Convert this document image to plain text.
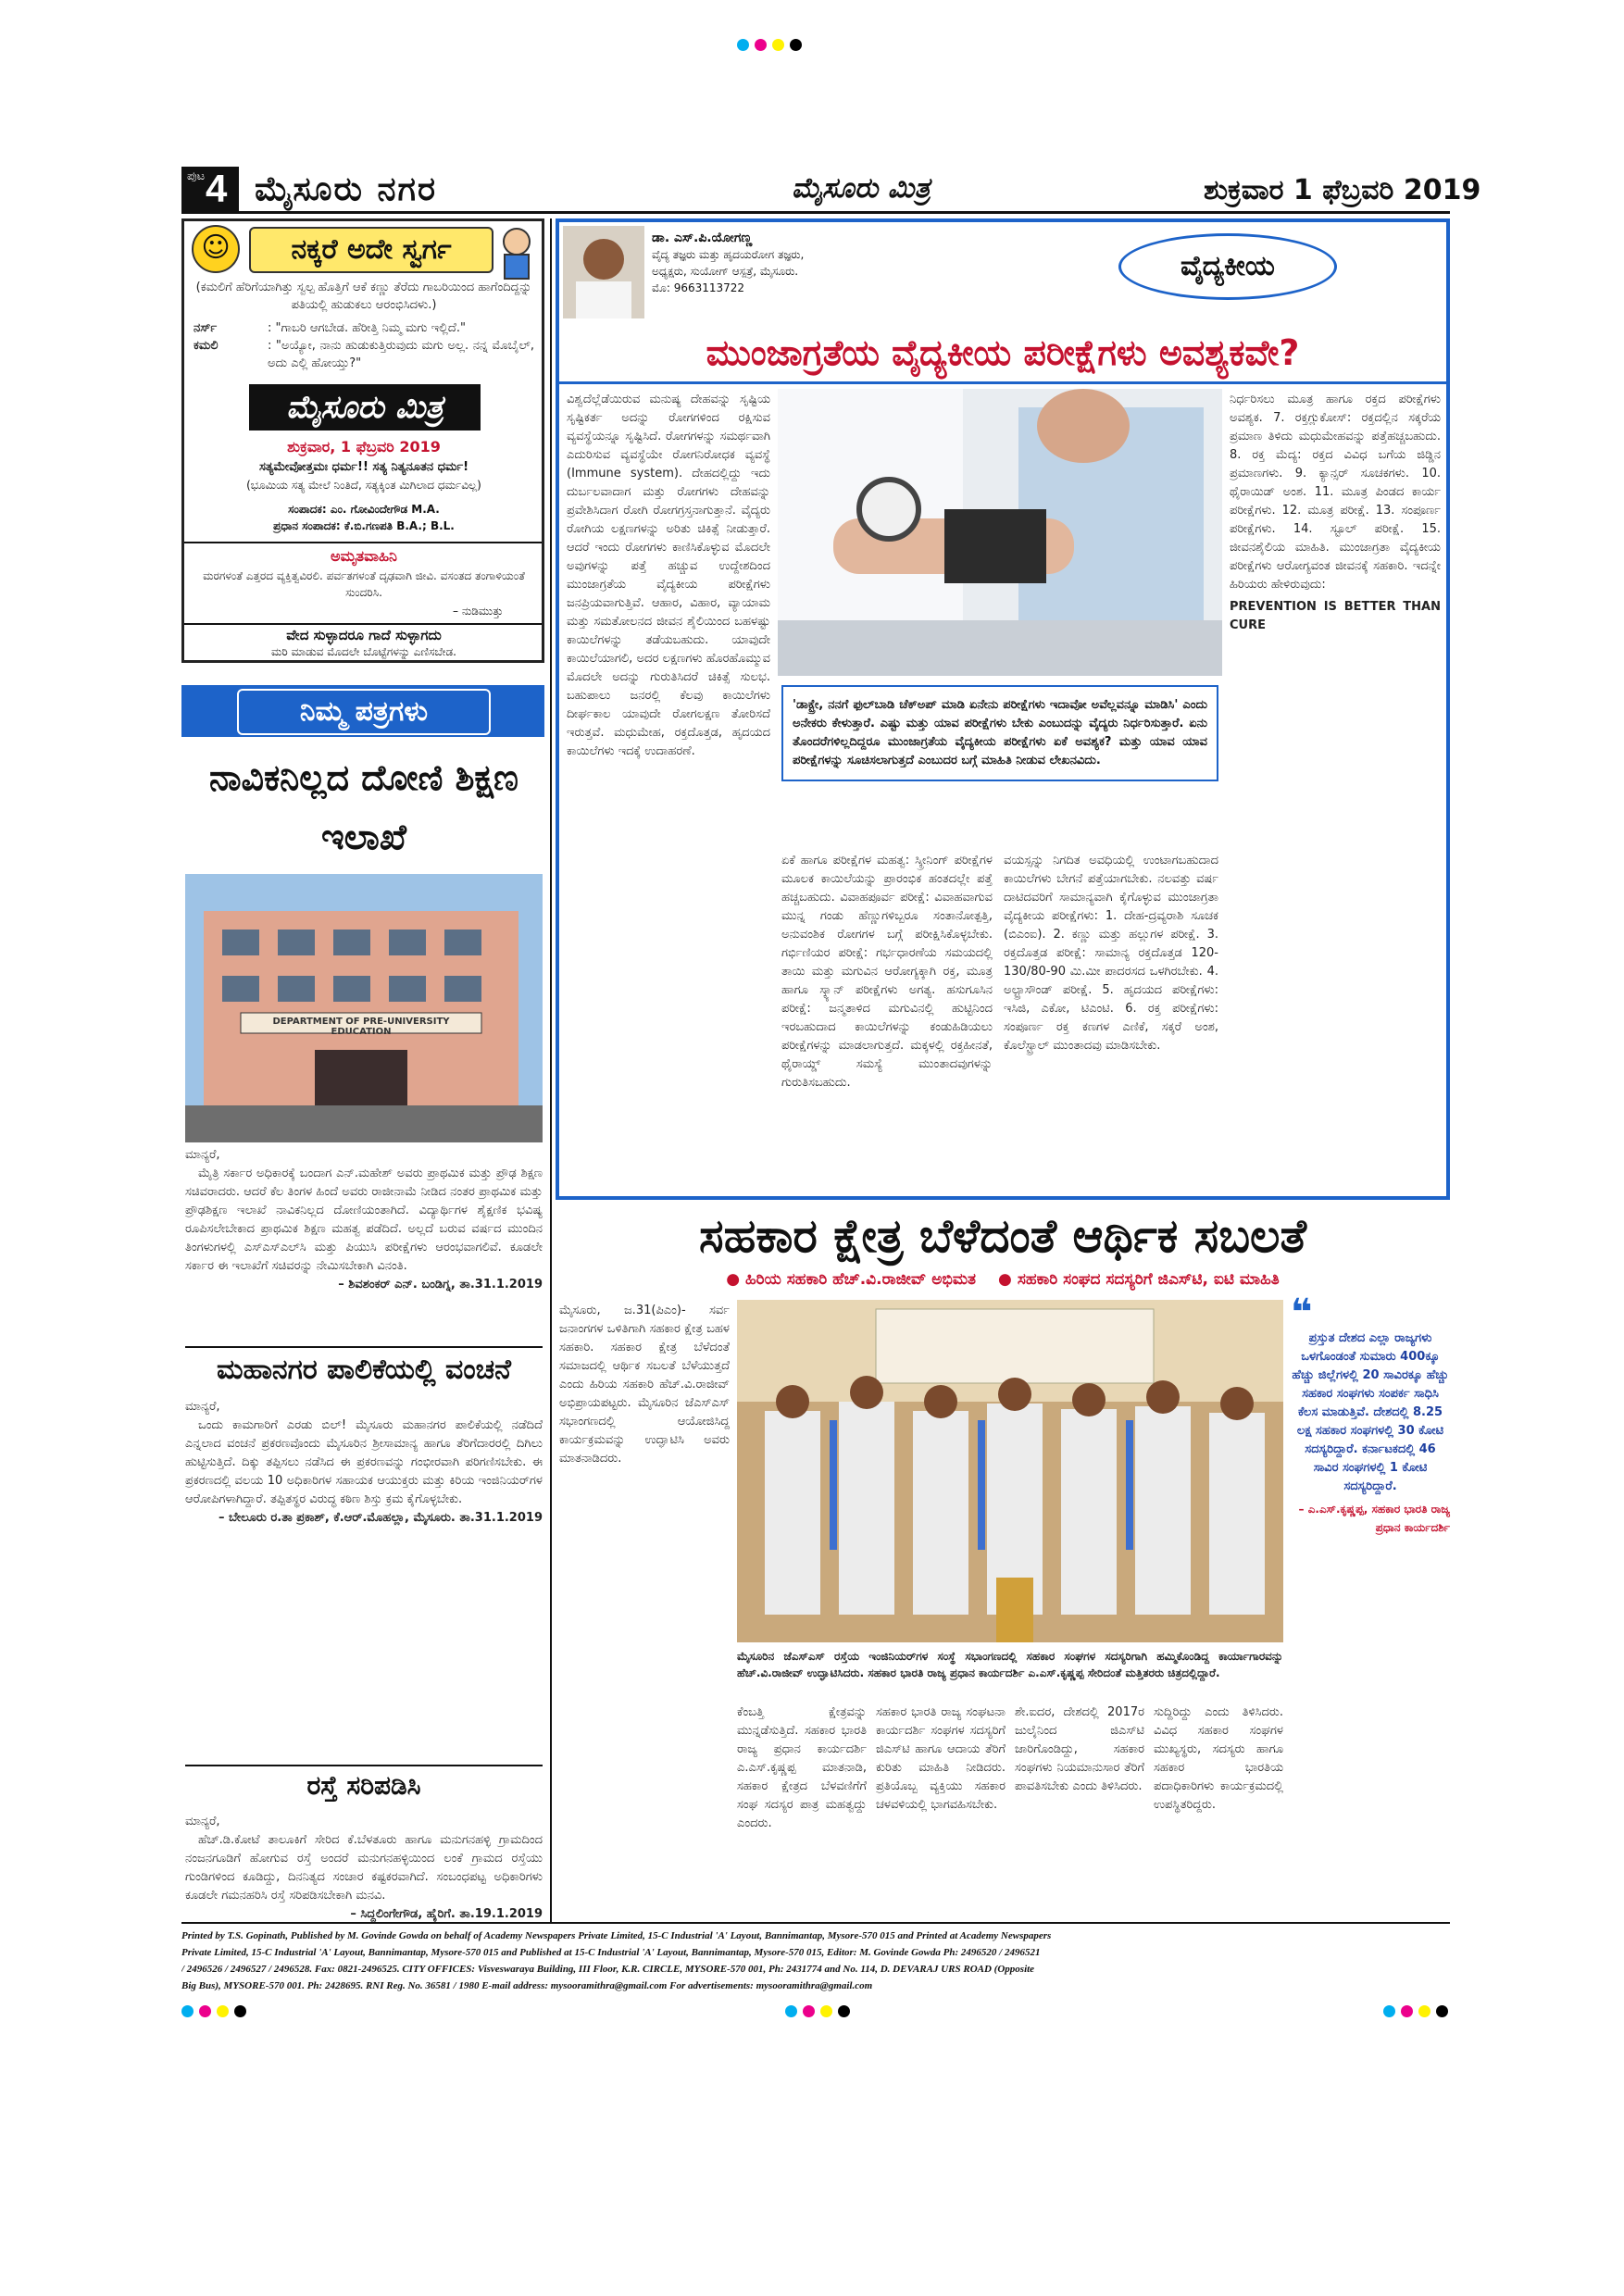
ಪುಟ 4 ಮೈಸೂರು ನಗರ	ಮೈಸೂರು ಮಿತ್ರ	ಶುಕ್ರವಾರ 1 ಫೆಬ್ರವರಿ 2019
☺	ನಕ್ಕರೆ ಅದೇ ಸ್ವರ್ಗ
(ಕಮಲಿಗೆ ಹೆರಿಗೆಯಾಗಿತ್ತು ಸ್ವಲ್ಪ ಹೊತ್ತಿಗೆ ಆಕೆ ಕಣ್ಣು ತೆರೆದು ಗಾಬರಿಯಿಂದ ಹಾಗೆಂದಿದ್ದನ್ನು ಪತಿಯಲ್ಲಿ ಹುಡುಕಲು ಆರಂಭಿಸಿದಳು.)
ನರ್ಸ್	: "ಗಾಬರಿ ಆಗಬೇಡ. ಹೆರೀತ್ತಿ ನಿಮ್ಮ ಮಗು ಇಲ್ಲಿದೆ."
ಕಮಲಿ	: "ಅಯ್ಯೋ, ನಾನು ಹುಡುಕುತ್ತಿರುವುದು ಮಗು ಅಲ್ಲ. ನನ್ನ ಮೊಬೈಲ್, ಅದು ಎಲ್ಲಿ ಹೋಯ್ತು?"
ಮೈಸೂರು ಮಿತ್ರ
ಶುಕ್ರವಾರ, 1 ಫೆಬ್ರವರಿ 2019
ಸತ್ಯಮೇವೋತ್ತಮಃ ಧರ್ಮ!! ಸತ್ಯ ನಿತ್ಯನೂತನ ಧರ್ಮ!
(ಭೂಮಿಯ ಸತ್ಯ ಮೇಲೆ ನಿಂತಿದೆ, ಸತ್ಯಕ್ಕಿಂತ ಮಿಗಿಲಾದ ಧರ್ಮವಿಲ್ಲ)
ಸಂಪಾದಕ: ಎಂ. ಗೋವಿಂದೇಗೌಡ M.A.
ಪ್ರಧಾನ ಸಂಪಾದಕ: ಕೆ.ಬಿ.ಗಣಪತಿ B.A.; B.L.
ಅಮೃತವಾಹಿನಿ
ಮರಗಳಂತೆ ಎತ್ತರದ ವ್ಯಕ್ತಿತ್ವವಿರಲಿ. ಪರ್ವತಗಳಂತೆ ದೃಢವಾಗಿ ಜೀವಿ. ವಸಂತದ ತಂಗಾಳಿಯಂತೆ ಸುಂದರಿಸಿ.
– ನುಡಿಮುತ್ತು
ವೇದ ಸುಳ್ಳಾದರೂ ಗಾದೆ ಸುಳ್ಳಾಗದು
ಮರಿ ಮಾಡುವ ಮೊದಲೇ ಬೊಟ್ಟೆಗಳನ್ನು ಎಣಿಸಬೇಡ.
ನಿಮ್ಮ ಪತ್ರಗಳು
ನಾವಿಕನಿಲ್ಲದ ದೋಣಿ ಶಿಕ್ಷಣ ಇಲಾಖೆ
DEPARTMENT OF PRE-UNIVERSITY EDUCATION
ಮಾನ್ಯರೆ,
ಮೈತ್ರಿ ಸರ್ಕಾರ ಅಧಿಕಾರಕ್ಕೆ ಬಂದಾಗ ಎನ್.ಮಹೇಶ್ ಅವರು ಪ್ರಾಥಮಿಕ ಮತ್ತು ಪ್ರೌಢ ಶಿಕ್ಷಣ ಸಚಿವರಾದರು. ಆದರೆ ಕೆಲ ತಿಂಗಳ ಹಿಂದೆ ಅವರು ರಾಜೀನಾಮೆ ನೀಡಿದ ನಂತರ ಪ್ರಾಥಮಿಕ ಮತ್ತು ಪ್ರೌಢಶಿಕ್ಷಣ ಇಲಾಖೆ ನಾವಿಕನಿಲ್ಲದ ದೋಣಿಯಂತಾಗಿದೆ. ವಿದ್ಯಾರ್ಥಿಗಳ ಶೈಕ್ಷಣಿಕ ಭವಿಷ್ಯ ರೂಪಿಸಲೇಬೇಕಾದ ಪ್ರಾಥಮಿಕ ಶಿಕ್ಷಣ ಮಹತ್ವ ಪಡೆದಿದೆ. ಅಲ್ಲದೆ ಬರುವ ವರ್ಷದ ಮುಂದಿನ ತಿಂಗಳುಗಳಲ್ಲಿ ಎಸ್ಎಸ್ಎಲ್‌ಸಿ ಮತ್ತು ಪಿಯುಸಿ ಪರೀಕ್ಷೆಗಳು ಆರಂಭವಾಗಲಿವೆ. ಕೂಡಲೇ ಸರ್ಕಾರ ಈ ಇಲಾಖೆಗೆ ಸಚಿವರನ್ನು ನೇಮಿಸಬೇಕಾಗಿ ವಿನಂತಿ.
– ಶಿವಶಂಕರ್ ಎನ್. ಬಂಡಿಗ್ನ, ತಾ.31.1.2019
ಮಹಾನಗರ ಪಾಲಿಕೆಯಲ್ಲಿ ವಂಚನೆ
ಮಾನ್ಯರೆ,
ಒಂದು ಕಾಮಗಾರಿಗೆ ಎರಡು ಬಿಲ್! ಮೈಸೂರು ಮಹಾನಗರ ಪಾಲಿಕೆಯಲ್ಲಿ ನಡೆದಿದೆ ಎನ್ನಲಾದ ವಂಚನೆ ಪ್ರಕರಣವೊಂದು ಮೈಸೂರಿನ ಶ್ರೀಸಾಮಾನ್ಯ ಹಾಗೂ ತೆರಿಗೆದಾರರಲ್ಲಿ ದಿಗಿಲು ಹುಟ್ಟಿಸುತ್ತಿದೆ. ದಿಕ್ಕು ತಪ್ಪಿಸಲು ನಡೆಸಿದ ಈ ಪ್ರಕರಣವನ್ನು ಗಂಭೀರವಾಗಿ ಪರಿಗಣಿಸಬೇಕು. ಈ ಪ್ರಕರಣದಲ್ಲಿ ವಲಯ 10 ಅಧಿಕಾರಿಗಳ ಸಹಾಯಕ ಆಯುಕ್ತರು ಮತ್ತು ಕಿರಿಯ ಇಂಜಿನಿಯರ್‌ಗಳ ಆರೋಪಿಗಳಾಗಿದ್ದಾರೆ. ತಪ್ಪಿತಸ್ಥರ ವಿರುದ್ಧ ಕಠಿಣ ಶಿಸ್ತು ಕ್ರಮ ಕೈಗೊಳ್ಳಬೇಕು.
– ಬೇಲೂರು ರ.ತಾ ಪ್ರಕಾಶ್, ಕೆ.ಆರ್.ಮೊಹಲ್ಲಾ, ಮೈಸೂರು. ತಾ.31.1.2019
ರಸ್ತೆ ಸರಿಪಡಿಸಿ
ಮಾನ್ಯರೆ,
ಹೆಚ್.ಡಿ.ಕೋಟೆ ತಾಲೂಕಿಗೆ ಸೇರಿದ ಕೆ.ಬೆಳತೂರು ಹಾಗೂ ಮನುಗನಹಳ್ಳಿ ಗ್ರಾಮದಿಂದ ನಂಜನಗೂಡಿಗೆ ಹೋಗುವ ರಸ್ತೆ ಅಂದರೆ ಮನುಗನಹಳ್ಳಿಯಿಂದ ಲಂಕೆ ಗ್ರಾಮದ ರಸ್ತೆಯು ಗುಂಡಿಗಳಿಂದ ಕೂಡಿದ್ದು, ದಿನನಿತ್ಯದ ಸಂಚಾರ ಕಷ್ಟಕರವಾಗಿದೆ. ಸಂಬಂಧಪಟ್ಟ ಅಧಿಕಾರಿಗಳು ಕೂಡಲೇ ಗಮನಹರಿಸಿ ರಸ್ತೆ ಸರಿಪಡಿಸಬೇಕಾಗಿ ಮನವಿ.
– ಸಿದ್ದಲಿಂಗೇಗೌಡ, ಹೈರಿಗೆ. ತಾ.19.1.2019
ಡಾ. ಎಸ್.ಪಿ.ಯೋಗಣ್ಣ
ವೈದ್ಯ ತಜ್ಞರು ಮತ್ತು ಹೃದಯರೋಗ ತಜ್ಞರು,
ಅಧ್ಯಕ್ಷರು, ಸುಯೋಗ್ ಆಸ್ಪತ್ರೆ, ಮೈಸೂರು.
ಮೊ: 9663113722
ವೈದ್ಯಕೀಯ
ಮುಂಜಾಗ್ರತೆಯ ವೈದ್ಯಕೀಯ ಪರೀಕ್ಷೆಗಳು ಅವಶ್ಯಕವೇ?
ವಿಶ್ವದೆಲ್ಲೆಡೆಯಿರುವ ಮನುಷ್ಯ ದೇಹವನ್ನು ಸೃಷ್ಟಿಯ ಸೃಷ್ಟಿಕರ್ತ ಅದನ್ನು ರೋಗಗಳಿಂದ ರಕ್ಷಿಸುವ ವ್ಯವಸ್ಥೆಯನ್ನೂ ಸೃಷ್ಟಿಸಿದೆ. ರೋಗಗಳನ್ನು ಸಮರ್ಥವಾಗಿ ಎದುರಿಸುವ ವ್ಯವಸ್ಥೆಯೇ ರೋಗನಿರೋಧಕ ವ್ಯವಸ್ಥೆ (Immune system). ದೇಹದಲ್ಲಿದ್ದು ಇದು ದುರ್ಬಲವಾದಾಗ ಮತ್ತು ರೋಗಗಳು ದೇಹವನ್ನು ಪ್ರವೇಶಿಸಿದಾಗ ರೋಗಿ ರೋಗಗ್ರಸ್ತನಾಗುತ್ತಾನೆ. ವೈದ್ಯರು ರೋಗಿಯ ಲಕ್ಷಣಗಳನ್ನು ಅರಿತು ಚಿಕಿತ್ಸೆ ನೀಡುತ್ತಾರೆ. ಆದರೆ ಇಂದು ರೋಗಗಳು ಕಾಣಿಸಿಕೊಳ್ಳುವ ಮೊದಲೇ ಅವುಗಳನ್ನು ಪತ್ತೆ ಹಚ್ಚುವ ಉದ್ದೇಶದಿಂದ ಮುಂಜಾಗ್ರತೆಯ ವೈದ್ಯಕೀಯ ಪರೀಕ್ಷೆಗಳು ಜನಪ್ರಿಯವಾಗುತ್ತಿವೆ. ಆಹಾರ, ವಿಹಾರ, ವ್ಯಾಯಾಮ ಮತ್ತು ಸಮತೋಲನದ ಜೀವನ ಶೈಲಿಯಿಂದ ಬಹಳಷ್ಟು ಕಾಯಿಲೆಗಳನ್ನು ತಡೆಯಬಹುದು. ಯಾವುದೇ ಕಾಯಿಲೆಯಾಗಲಿ, ಅದರ ಲಕ್ಷಣಗಳು ಹೊರಹೊಮ್ಮುವ ಮೊದಲೇ ಅದನ್ನು ಗುರುತಿಸಿದರೆ ಚಿಕಿತ್ಸೆ ಸುಲಭ. ಬಹುಪಾಲು ಜನರಲ್ಲಿ ಕೆಲವು ಕಾಯಿಲೆಗಳು ದೀರ್ಘಕಾಲ ಯಾವುದೇ ರೋಗಲಕ್ಷಣ ತೋರಿಸದೆ ಇರುತ್ತವೆ. ಮಧುಮೇಹ, ರಕ್ತದೊತ್ತಡ, ಹೃದಯದ ಕಾಯಿಲೆಗಳು ಇದಕ್ಕೆ ಉದಾಹರಣೆ.
'ಡಾಕ್ಟ್ರೇ, ನನಗೆ ಫುಲ್‌ಬಾಡಿ ಚೆಕ್‌ಅಪ್ ಮಾಡಿ ಏನೇನು ಪರೀಕ್ಷೆಗಳು ಇದಾವೋ ಅವೆಲ್ಲವನ್ನೂ ಮಾಡಿಸಿ' ಎಂದು ಅನೇಕರು ಕೇಳುತ್ತಾರೆ. ಎಷ್ಟು ಮತ್ತು ಯಾವ ಪರೀಕ್ಷೆಗಳು ಬೇಕು ಎಂಬುದನ್ನು ವೈದ್ಯರು ನಿರ್ಧರಿಸುತ್ತಾರೆ. ಏನು ತೊಂದರೆಗಳಿಲ್ಲದಿದ್ದರೂ ಮುಂಜಾಗ್ರತೆಯ ವೈದ್ಯಕೀಯ ಪರೀಕ್ಷೆಗಳು ಏಕೆ ಅವಶ್ಯಕ? ಮತ್ತು ಯಾವ ಯಾವ ಪರೀಕ್ಷೆಗಳನ್ನು ಸೂಚಿಸಲಾಗುತ್ತದೆ ಎಂಬುದರ ಬಗ್ಗೆ ಮಾಹಿತಿ ನೀಡುವ ಲೇಖನವಿದು.
ಏಕೆ ಹಾಗೂ ಪರೀಕ್ಷೆಗಳ ಮಹತ್ವ: ಸ್ಕ್ರೀನಿಂಗ್ ಪರೀಕ್ಷೆಗಳ ಮೂಲಕ ಕಾಯಿಲೆಯನ್ನು ಪ್ರಾರಂಭಿಕ ಹಂತದಲ್ಲೇ ಪತ್ತೆ ಹಚ್ಚಬಹುದು. ವಿವಾಹಪೂರ್ವ ಪರೀಕ್ಷೆ: ವಿವಾಹವಾಗುವ ಮುನ್ನ ಗಂಡು ಹೆಣ್ಣುಗಳಿಬ್ಬರೂ ಸಂತಾನೋತ್ಪತ್ತಿ, ಅನುವಂಶಿಕ ರೋಗಗಳ ಬಗ್ಗೆ ಪರೀಕ್ಷಿಸಿಕೊಳ್ಳಬೇಕು. ಗರ್ಭಿಣಿಯರ ಪರೀಕ್ಷೆ: ಗರ್ಭಧಾರಣೆಯ ಸಮಯದಲ್ಲಿ ತಾಯಿ ಮತ್ತು ಮಗುವಿನ ಆರೋಗ್ಯಕ್ಕಾಗಿ ರಕ್ತ, ಮೂತ್ರ ಹಾಗೂ ಸ್ಕ್ಯಾನ್ ಪರೀಕ್ಷೆಗಳು ಅಗತ್ಯ. ಹಸುಗೂಸಿನ ಪರೀಕ್ಷೆ: ಜನ್ಮತಾಳಿದ ಮಗುವಿನಲ್ಲಿ ಹುಟ್ಟಿನಿಂದ ಇರಬಹುದಾದ ಕಾಯಿಲೆಗಳನ್ನು ಕಂಡುಹಿಡಿಯಲು ಪರೀಕ್ಷೆಗಳನ್ನು ಮಾಡಲಾಗುತ್ತದೆ. ಮಕ್ಕಳಲ್ಲಿ ರಕ್ತಹೀನತೆ, ಥೈರಾಯ್ಡ್ ಸಮಸ್ಯೆ ಮುಂತಾದವುಗಳನ್ನು ಗುರುತಿಸಬಹುದು.
ವಯಸ್ಸನ್ನು ನಿಗದಿತ ಅವಧಿಯಲ್ಲಿ ಉಂಟಾಗಬಹುದಾದ ಕಾಯಿಲೆಗಳು ಬೇಗನೆ ಪತ್ತೆಯಾಗಬೇಕು. ನಲವತ್ತು ವರ್ಷ ದಾಟಿದವರಿಗೆ ಸಾಮಾನ್ಯವಾಗಿ ಕೈಗೊಳ್ಳುವ ಮುಂಜಾಗ್ರತಾ ವೈದ್ಯಕೀಯ ಪರೀಕ್ಷೆಗಳು: 1. ದೇಹ-ದ್ರವ್ಯರಾಶಿ ಸೂಚಕ (ಬಿಎಂಐ). 2. ಕಣ್ಣು ಮತ್ತು ಹಲ್ಲುಗಳ ಪರೀಕ್ಷೆ. 3. ರಕ್ತದೊತ್ತಡ ಪರೀಕ್ಷೆ: ಸಾಮಾನ್ಯ ರಕ್ತದೊತ್ತಡ 120-130/80-90 ಮಿ.ಮೀ ಪಾದರಸದ ಒಳಗಿರಬೇಕು. 4. ಅಲ್ಟ್ರಾಸೌಂಡ್ ಪರೀಕ್ಷೆ. 5. ಹೃದಯದ ಪರೀಕ್ಷೆಗಳು: ಇಸಿಜಿ, ಎಕೋ, ಟಿಎಂಟಿ. 6. ರಕ್ತ ಪರೀಕ್ಷೆಗಳು: ಸಂಪೂರ್ಣ ರಕ್ತ ಕಣಗಳ ಎಣಿಕೆ, ಸಕ್ಕರೆ ಅಂಶ, ಕೊಲೆಸ್ಟ್ರಾಲ್ ಮುಂತಾದವು ಮಾಡಿಸಬೇಕು.
ನಿರ್ಧರಿಸಲು ಮೂತ್ರ ಹಾಗೂ ರಕ್ತದ ಪರೀಕ್ಷೆಗಳು ಅವಶ್ಯಕ. 7. ರಕ್ತಗ್ಲುಕೋಸ್: ರಕ್ತದಲ್ಲಿನ ಸಕ್ಕರೆಯ ಪ್ರಮಾಣ ತಿಳಿದು ಮಧುಮೇಹವನ್ನು ಪತ್ತೆಹಚ್ಚಬಹುದು. 8. ರಕ್ತ ಮೆದ್ಯ: ರಕ್ತದ ವಿವಿಧ ಬಗೆಯ ಜಿಡ್ಡಿನ ಪ್ರಮಾಣಗಳು. 9. ಕ್ಯಾನ್ಸರ್ ಸೂಚಕಗಳು. 10. ಥೈರಾಯಿಡ್ ಅಂಶ. 11. ಮೂತ್ರ ಪಿಂಡದ ಕಾರ್ಯ ಪರೀಕ್ಷೆಗಳು. 12. ಮೂತ್ರ ಪರೀಕ್ಷೆ. 13. ಸಂಪೂರ್ಣ ಪರೀಕ್ಷೆಗಳು. 14. ಸ್ಟೂಲ್ ಪರೀಕ್ಷೆ. 15. ಜೀವನಶೈಲಿಯ ಮಾಹಿತಿ. ಮುಂಜಾಗ್ರತಾ ವೈದ್ಯಕೀಯ ಪರೀಕ್ಷೆಗಳು ಆರೋಗ್ಯವಂತ ಜೀವನಕ್ಕೆ ಸಹಕಾರಿ. ಇದನ್ನೇ ಹಿರಿಯರು ಹೇಳಿರುವುದು:
PREVENTION IS BETTER THAN CURE
ಸಹಕಾರ ಕ್ಷೇತ್ರ ಬೆಳೆದಂತೆ ಆರ್ಥಿಕ ಸಬಲತೆ
● ಹಿರಿಯ ಸಹಕಾರಿ ಹೆಚ್.ವಿ.ರಾಜೀವ್ ಅಭಿಮತ ● ಸಹಕಾರಿ ಸಂಘದ ಸದಸ್ಯರಿಗೆ ಜಿಎಸ್‌ಟಿ, ಐಟಿ ಮಾಹಿತಿ
ಮೈಸೂರು, ಜ.31(ಪಿಎಂ)- ಸರ್ವ ಜನಾಂಗಗಳ ಒಳಿತಿಗಾಗಿ ಸಹಕಾರ ಕ್ಷೇತ್ರ ಬಹಳ ಸಹಕಾರಿ. ಸಹಕಾರ ಕ್ಷೇತ್ರ ಬೆಳೆದಂತೆ ಸಮಾಜದಲ್ಲಿ ಆರ್ಥಿಕ ಸಬಲತೆ ಬೆಳೆಯುತ್ತದೆ ಎಂದು ಹಿರಿಯ ಸಹಕಾರಿ ಹೆಚ್.ವಿ.ರಾಜೀವ್ ಅಭಿಪ್ರಾಯಪಟ್ಟರು. ಮೈಸೂರಿನ ಜೆಎಸ್‌ಎಸ್ ಸಭಾಂಗಣದಲ್ಲಿ ಆಯೋಜಿಸಿದ್ದ ಕಾರ್ಯಕ್ರಮವನ್ನು ಉದ್ಘಾಟಿಸಿ ಅವರು ಮಾತನಾಡಿದರು.
❝
ಪ್ರಸ್ತುತ ದೇಶದ ಎಲ್ಲಾ ರಾಜ್ಯಗಳು ಒಳಗೊಂಡಂತೆ ಸುಮಾರು 400ಕ್ಕೂ ಹೆಚ್ಚು ಜಿಲ್ಲೆಗಳಲ್ಲಿ 20 ಸಾವಿರಕ್ಕೂ ಹೆಚ್ಚು ಸಹಕಾರ ಸಂಘಗಳು ಸಂಪರ್ಕ ಸಾಧಿಸಿ ಕೆಲಸ ಮಾಡುತ್ತಿವೆ. ದೇಶದಲ್ಲಿ 8.25 ಲಕ್ಷ ಸಹಕಾರ ಸಂಘಗಳಲ್ಲಿ 30 ಕೋಟಿ ಸದಸ್ಯರಿದ್ದಾರೆ. ಕರ್ನಾಟಕದಲ್ಲಿ 46 ಸಾವಿರ ಸಂಘಗಳಲ್ಲಿ 1 ಕೋಟಿ ಸದಸ್ಯರಿದ್ದಾರೆ.
– ಎ.ಎಸ್.ಕೃಷ್ಣಪ್ಪ, ಸಹಕಾರ ಭಾರತಿ ರಾಜ್ಯ ಪ್ರಧಾನ ಕಾರ್ಯದರ್ಶಿ
ಮೈಸೂರಿನ ಜೆಎಸ್ಎಸ್ ರಸ್ತೆಯ ಇಂಜಿನಿಯರ್‌ಗಳ ಸಂಸ್ಥೆ ಸಭಾಂಗಣದಲ್ಲಿ ಸಹಕಾರ ಸಂಘಗಳ ಸದಸ್ಯರಿಗಾಗಿ ಹಮ್ಮಿಕೊಂಡಿದ್ದ ಕಾರ್ಯಾಗಾರವನ್ನು ಹೆಚ್.ವಿ.ರಾಜೀವ್ ಉದ್ಘಾಟಿಸಿದರು. ಸಹಕಾರ ಭಾರತಿ ರಾಜ್ಯ ಪ್ರಧಾನ ಕಾರ್ಯದರ್ಶಿ ಎ.ಎಸ್.ಕೃಷ್ಣಪ್ಪ ಸೇರಿದಂತೆ ಮತ್ತಿತರರು ಚಿತ್ರದಲ್ಲಿದ್ದಾರೆ.
ಕೆಂಬತ್ತಿ ಕ್ಷೇತ್ರವನ್ನು ಮುನ್ನಡೆಸುತ್ತಿದೆ. ಸಹಕಾರ ಭಾರತಿ ರಾಜ್ಯ ಪ್ರಧಾನ ಕಾರ್ಯದರ್ಶಿ ಎ.ಎಸ್.ಕೃಷ್ಣಪ್ಪ ಮಾತನಾಡಿ, ಸಹಕಾರ ಕ್ಷೇತ್ರದ ಬೆಳವಣಿಗೆಗೆ ಸಂಘ ಸದಸ್ಯರ ಪಾತ್ರ ಮಹತ್ವದ್ದು ಎಂದರು.
ಸಹಕಾರ ಭಾರತಿ ರಾಜ್ಯ ಸಂಘಟನಾ ಕಾರ್ಯದರ್ಶಿ ಸಂಘಗಳ ಸದಸ್ಯರಿಗೆ ಜಿಎಸ್‌ಟಿ ಹಾಗೂ ಆದಾಯ ತೆರಿಗೆ ಕುರಿತು ಮಾಹಿತಿ ನೀಡಿದರು. ಪ್ರತಿಯೊಬ್ಬ ವ್ಯಕ್ತಿಯು ಸಹಕಾರ ಚಳವಳಿಯಲ್ಲಿ ಭಾಗವಹಿಸಬೇಕು.
ಶೇ.ಐದರ, ದೇಶದಲ್ಲಿ 2017ರ ಜುಲೈನಿಂದ ಜಿಎಸ್‌ಟಿ ಜಾರಿಗೊಂಡಿದ್ದು, ಸಹಕಾರ ಸಂಘಗಳು ನಿಯಮಾನುಸಾರ ತೆರಿಗೆ ಪಾವತಿಸಬೇಕು ಎಂದು ತಿಳಿಸಿದರು.
ಸುದ್ದಿರಿದ್ದು ಎಂದು ತಿಳಿಸಿದರು. ವಿವಿಧ ಸಹಕಾರ ಸಂಘಗಳ ಮುಖ್ಯಸ್ಥರು, ಸದಸ್ಯರು ಹಾಗೂ ಸಹಕಾರ ಭಾರತಿಯ ಪದಾಧಿಕಾರಿಗಳು ಕಾರ್ಯಕ್ರಮದಲ್ಲಿ ಉಪಸ್ಥಿತರಿದ್ದರು.
Printed by T.S. Gopinath, Published by M. Govinde Gowda on behalf of Academy Newspapers Private Limited, 15-C Industrial 'A' Layout, Bannimantap, Mysore-570 015 and Printed at Academy Newspapers
Private Limited, 15-C Industrial 'A' Layout, Bannimantap, Mysore-570 015 and Published at 15-C Industrial 'A' Layout, Bannimantap, Mysore-570 015, Editor: M. Govinde Gowda Ph: 2496520 / 2496521
/ 2496526 / 2496527 / 2496528. Fax: 0821-2496525. CITY OFFICES: Visveswaraya Building, III Floor, K.R. CIRCLE, MYSORE-570 001, Ph: 2431774 and No. 114, D. DEVARAJ URS ROAD (Opposite
Big Bus), MYSORE-570 001. Ph: 2428695. RNI Reg. No. 36581 / 1980 E-mail address: mysooramithra@gmail.com For advertisements: mysooramithra@gmail.com
